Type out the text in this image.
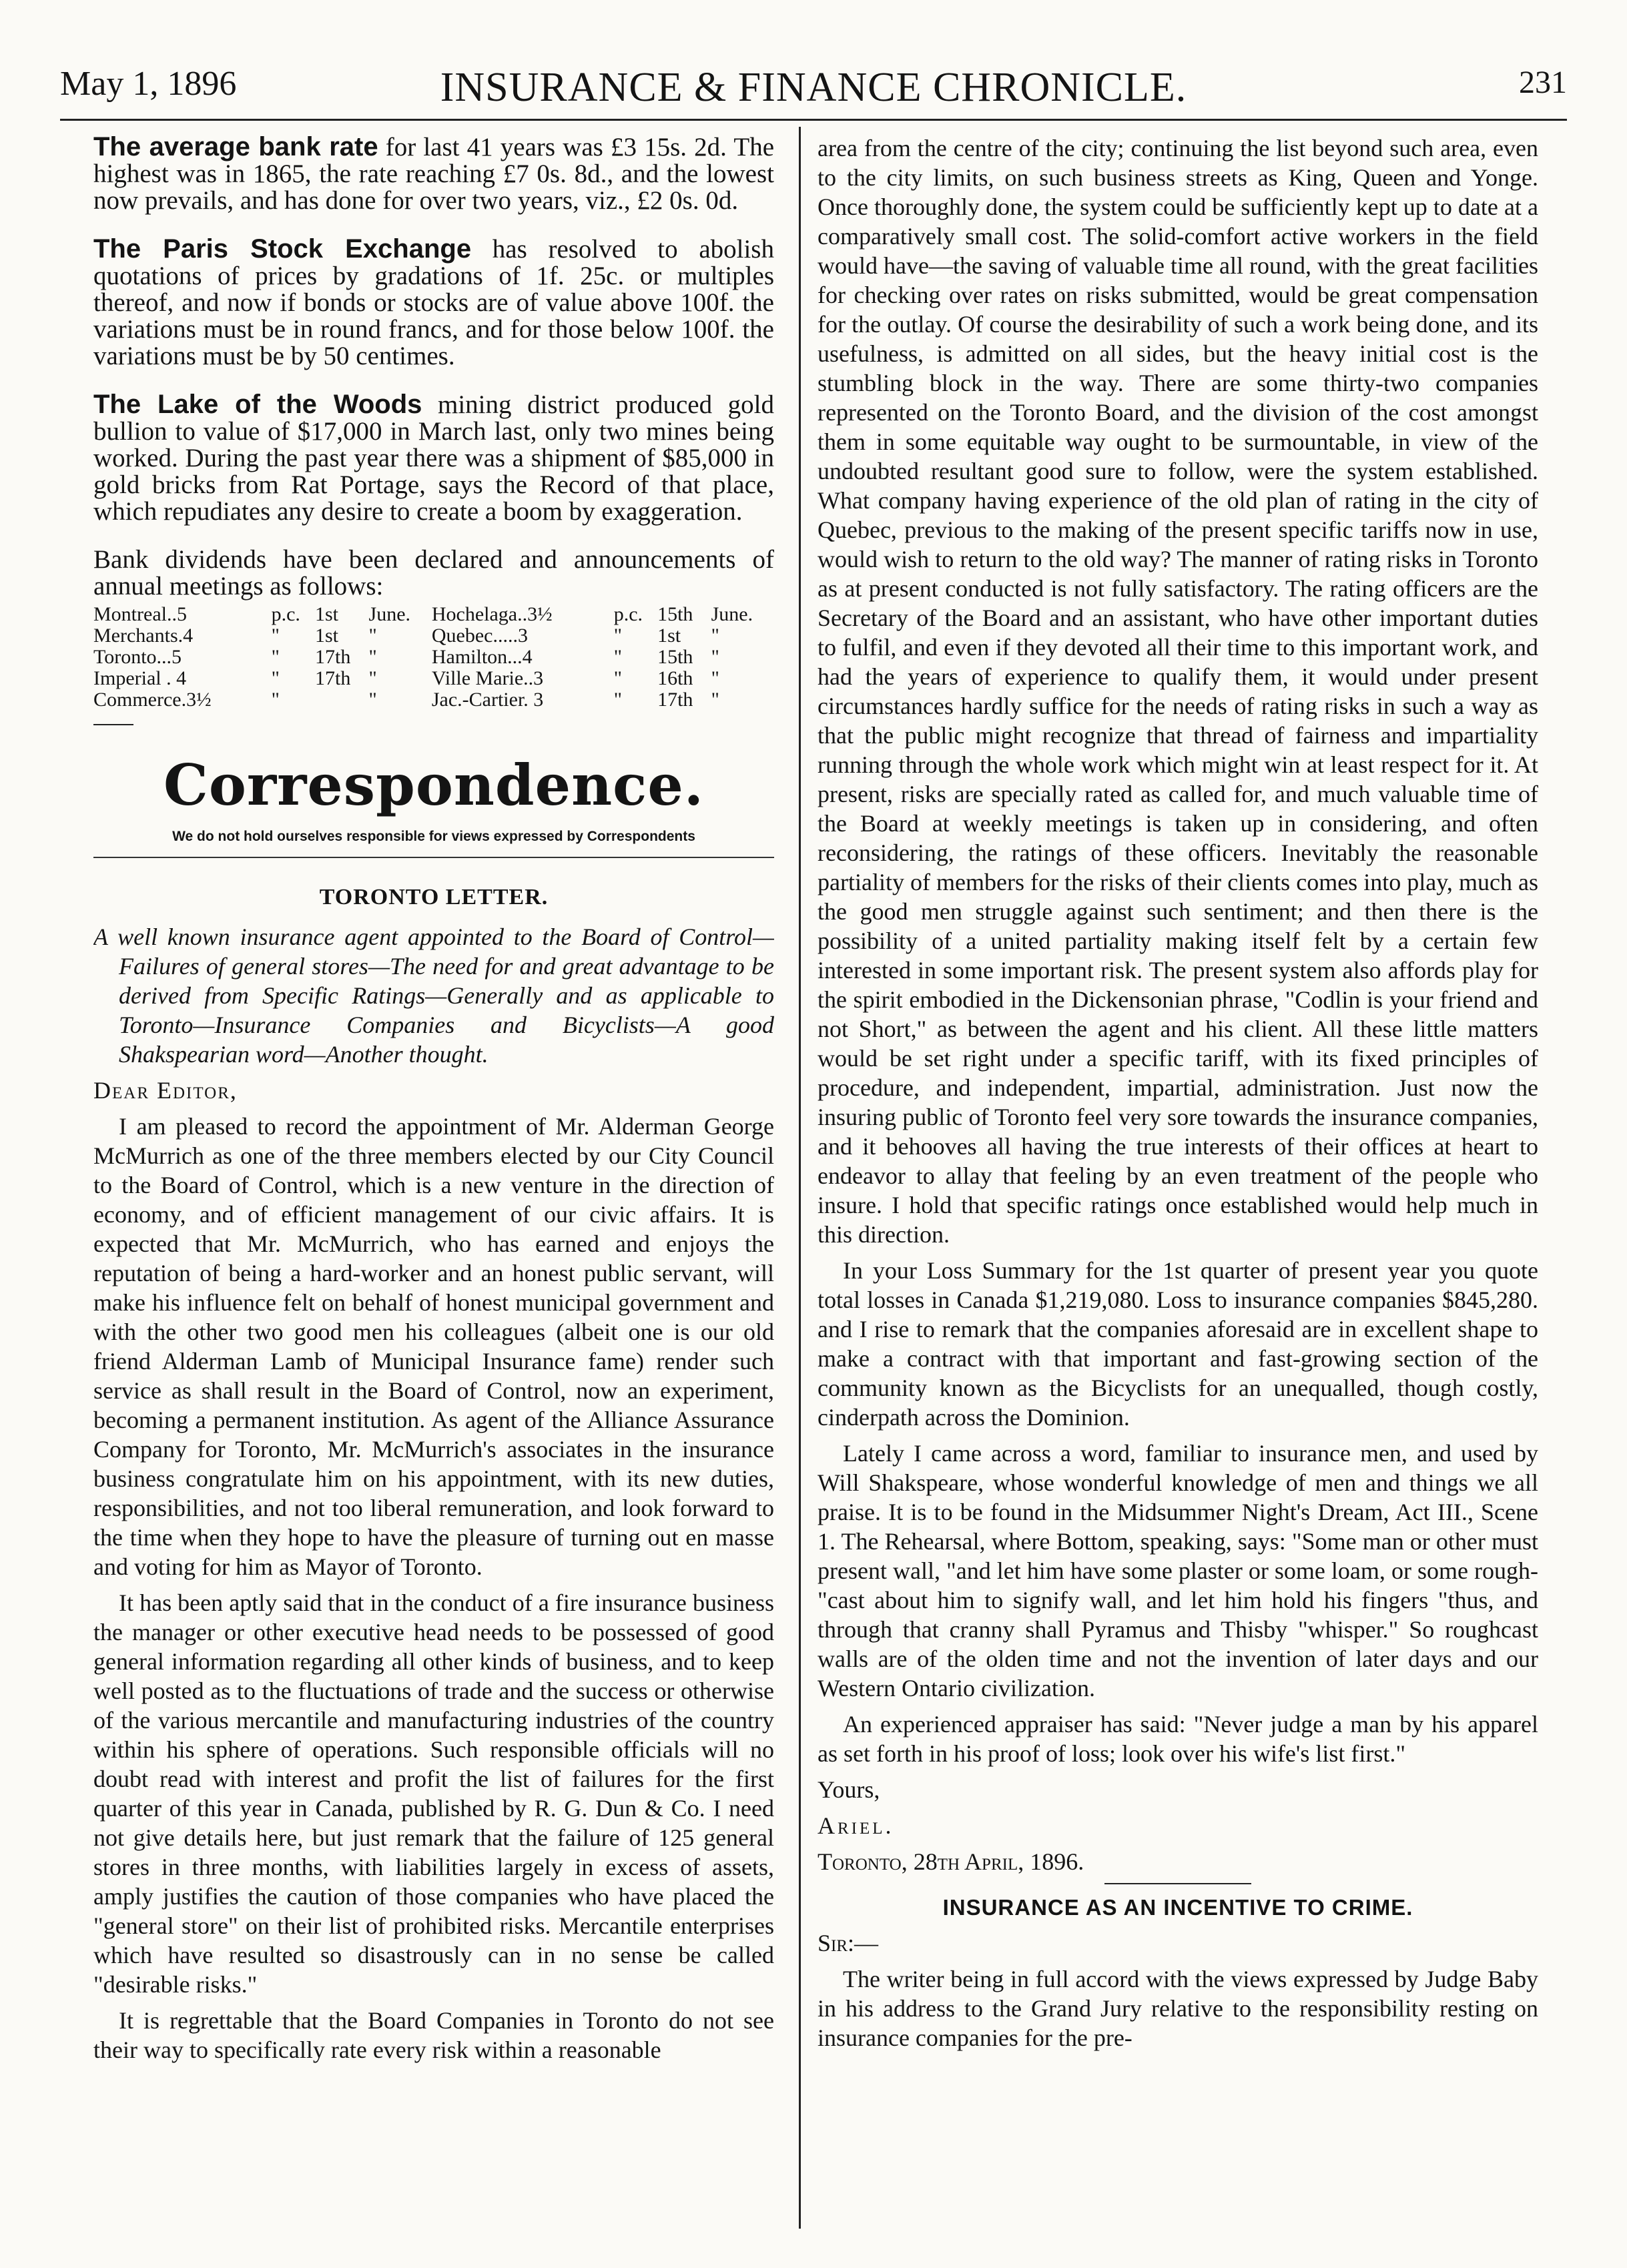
May 1, 1896	INSURANCE & FINANCE CHRONICLE.	231

The average bank rate for last 41 years was £3 15s. 2d. The highest was in 1865, the rate reaching £7 0s. 8d., and the lowest now prevails, and has done for over two years, viz., £2 0s. 0d.

The Paris Stock Exchange has resolved to abolish quotations of prices by gradations of 1f. 25c. or multiples thereof, and now if bonds or stocks are of value above 100f. the variations must be in round francs, and for those below 100f. the variations must be by 50 centimes.

The Lake of the Woods mining district produced gold bullion to value of $17,000 in March last, only two mines being worked. During the past year there was a shipment of $85,000 in gold bricks from Rat Portage, says the Record of that place, which repudiates any desire to create a boom by exaggeration.

Bank dividends have been declared and announcements of annual meetings as follows:

Montreal..5	p.c.	1st	June.	Hochelaga..3½	p.c.	15th	June.
Merchants.4	"	1st	"	Quebec.....3	"	1st	"
Toronto...5	"	17th	"	Hamilton...4	"	15th	"
Imperial . 4	"	17th	"	Ville Marie..3	"	16th	"
Commerce.3½	"		"	Jac.-Cartier. 3	"	17th	"
Correspondence.
We do not hold ourselves responsible for views expressed by Correspondents
TORONTO LETTER.

A well known insurance agent appointed to the Board of Control—Failures of general stores—The need for and great advantage to be derived from Specific Ratings—Generally and as applicable to Toronto—Insurance Companies and Bicyclists—A good Shakspearian word—Another thought.

Dear Editor,

I am pleased to record the appointment of Mr. Alderman George McMurrich as one of the three members elected by our City Council to the Board of Control, which is a new venture in the direction of economy, and of efficient management of our civic affairs. It is expected that Mr. McMurrich, who has earned and enjoys the reputation of being a hard-worker and an honest public servant, will make his influence felt on behalf of honest municipal government and with the other two good men his colleagues (albeit one is our old friend Alderman Lamb of Municipal Insurance fame) render such service as shall result in the Board of Control, now an experiment, becoming a permanent institution. As agent of the Alliance Assurance Company for Toronto, Mr. McMurrich's associates in the insurance business congratulate him on his appointment, with its new duties, responsibilities, and not too liberal remuneration, and look forward to the time when they hope to have the pleasure of turning out en masse and voting for him as Mayor of Toronto.

It has been aptly said that in the conduct of a fire insurance business the manager or other executive head needs to be possessed of good general information regarding all other kinds of business, and to keep well posted as to the fluctuations of trade and the success or otherwise of the various mercantile and manufacturing industries of the country within his sphere of operations. Such responsible officials will no doubt read with interest and profit the list of failures for the first quarter of this year in Canada, published by R. G. Dun & Co. I need not give details here, but just remark that the failure of 125 general stores in three months, with liabilities largely in excess of assets, amply justifies the caution of those companies who have placed the "general store" on their list of prohibited risks. Mercantile enterprises which have resulted so disastrously can in no sense be called "desirable risks."

It is regrettable that the Board Companies in Toronto do not see their way to specifically rate every risk within a reasonable

area from the centre of the city; continuing the list beyond such area, even to the city limits, on such business streets as King, Queen and Yonge. Once thoroughly done, the system could be sufficiently kept up to date at a comparatively small cost. The solid-comfort active workers in the field would have—the saving of valuable time all round, with the great facilities for checking over rates on risks submitted, would be great compensation for the outlay. Of course the desirability of such a work being done, and its usefulness, is admitted on all sides, but the heavy initial cost is the stumbling block in the way. There are some thirty-two companies represented on the Toronto Board, and the division of the cost amongst them in some equitable way ought to be surmountable, in view of the undoubted resultant good sure to follow, were the system established. What company having experience of the old plan of rating in the city of Quebec, previous to the making of the present specific tariffs now in use, would wish to return to the old way? The manner of rating risks in Toronto as at present conducted is not fully satisfactory. The rating officers are the Secretary of the Board and an assistant, who have other important duties to fulfil, and even if they devoted all their time to this important work, and had the years of experience to qualify them, it would under present circumstances hardly suffice for the needs of rating risks in such a way as that the public might recognize that thread of fairness and impartiality running through the whole work which might win at least respect for it. At present, risks are specially rated as called for, and much valuable time of the Board at weekly meetings is taken up in considering, and often reconsidering, the ratings of these officers. Inevitably the reasonable partiality of members for the risks of their clients comes into play, much as the good men struggle against such sentiment; and then there is the possibility of a united partiality making itself felt by a certain few interested in some important risk. The present system also affords play for the spirit embodied in the Dickensonian phrase, "Codlin is your friend and not Short," as between the agent and his client. All these little matters would be set right under a specific tariff, with its fixed principles of procedure, and independent, impartial, administration. Just now the insuring public of Toronto feel very sore towards the insurance companies, and it behooves all having the true interests of their offices at heart to endeavor to allay that feeling by an even treatment of the people who insure. I hold that specific ratings once established would help much in this direction.

In your Loss Summary for the 1st quarter of present year you quote total losses in Canada $1,219,080. Loss to insurance companies $845,280. and I rise to remark that the companies aforesaid are in excellent shape to make a contract with that important and fast-growing section of the community known as the Bicyclists for an unequalled, though costly, cinderpath across the Dominion.

Lately I came across a word, familiar to insurance men, and used by Will Shakspeare, whose wonderful knowledge of men and things we all praise. It is to be found in the Midsummer Night's Dream, Act III., Scene 1. The Rehearsal, where Bottom, speaking, says: "Some man or other must present wall, "and let him have some plaster or some loam, or some rough-"cast about him to signify wall, and let him hold his fingers "thus, and through that cranny shall Pyramus and Thisby "whisper." So roughcast walls are of the olden time and not the invention of later days and our Western Ontario civilization.

An experienced appraiser has said: "Never judge a man by his apparel as set forth in his proof of loss; look over his wife's list first."

Yours,

Ariel.

Toronto, 28th April, 1896.

INSURANCE AS AN INCENTIVE TO CRIME.

Sir:—

The writer being in full accord with the views expressed by Judge Baby in his address to the Grand Jury relative to the responsibility resting on insurance companies for the pre-
